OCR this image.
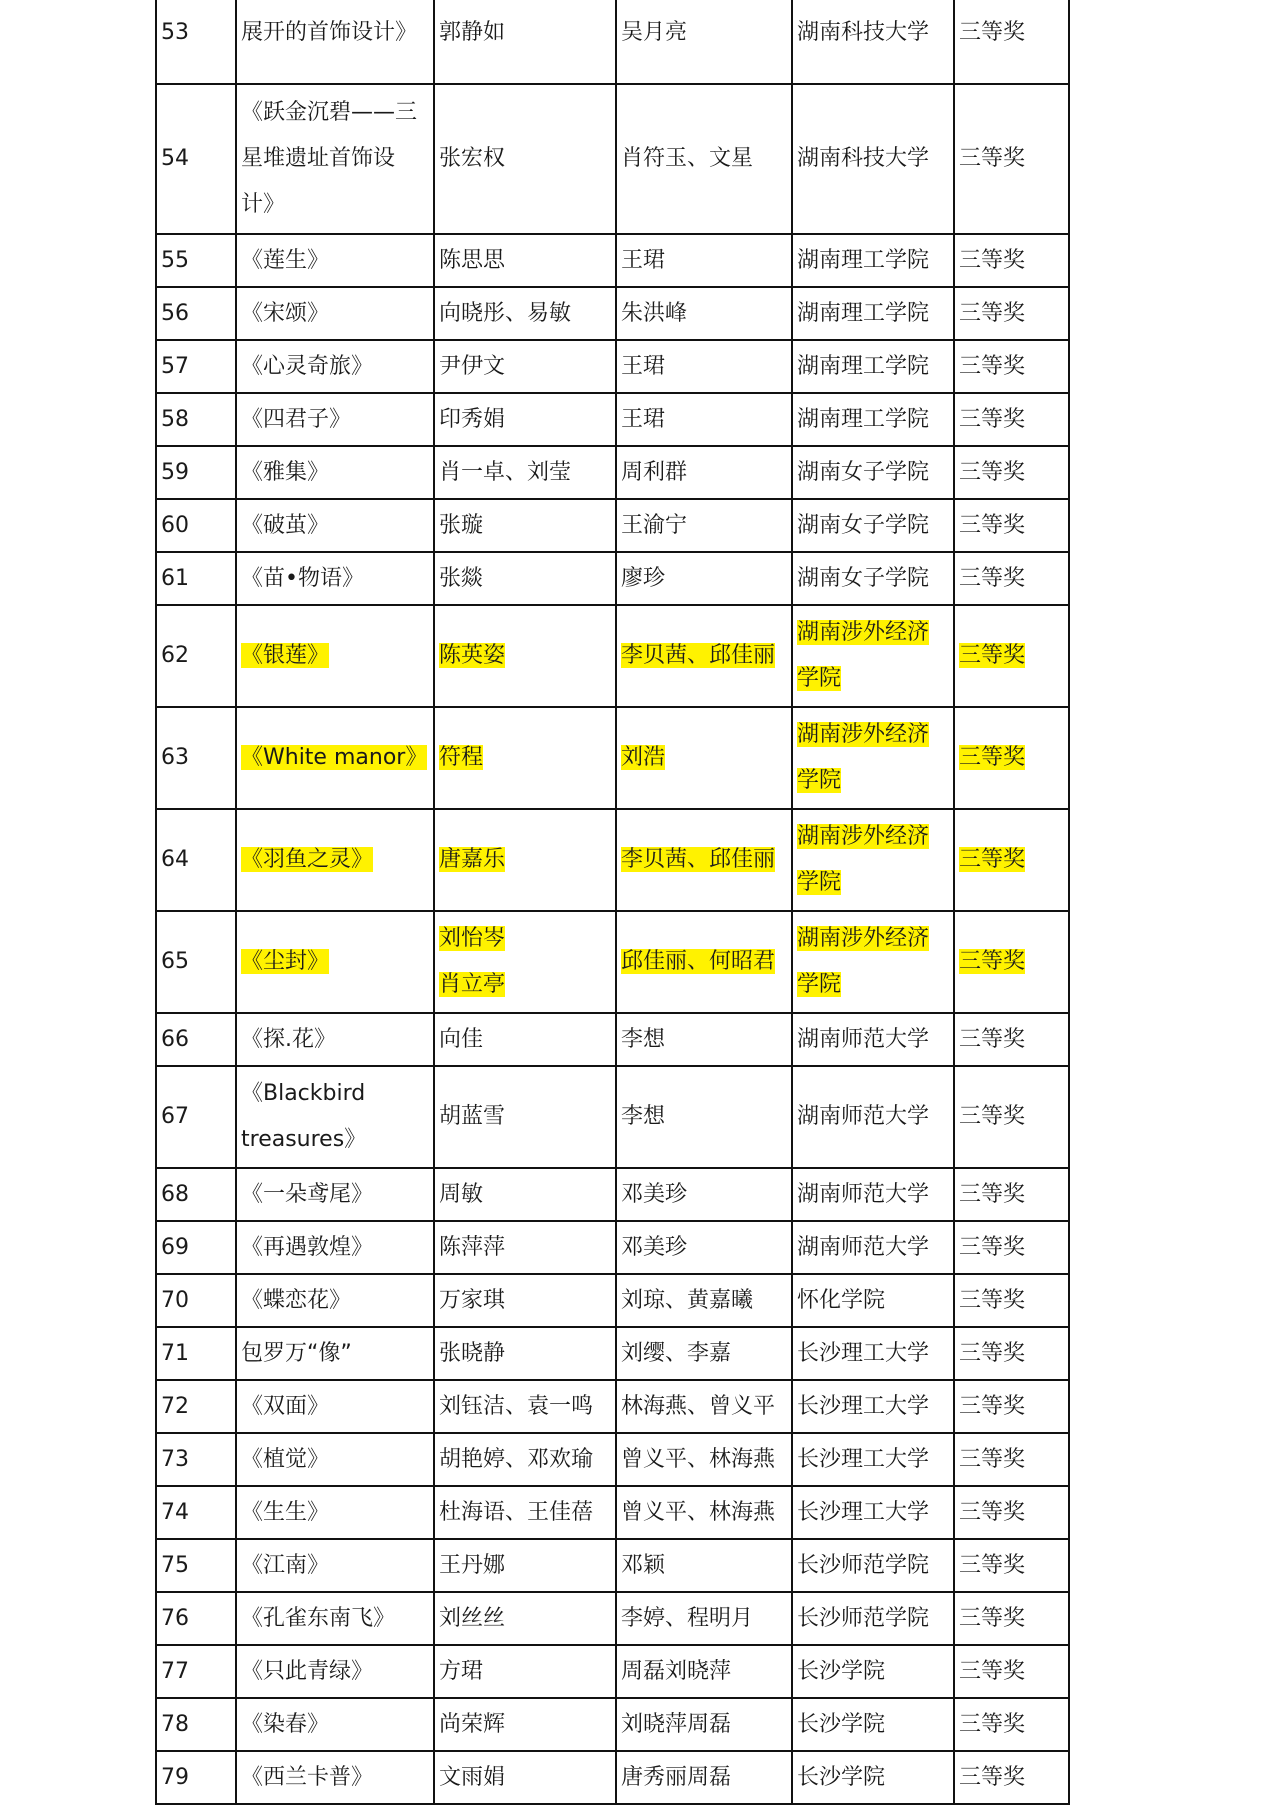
53	展开的首饰设计》	郭静如	吴月亮	湖南科技大学	三等奖
54	《跃金沉碧——三
星堆遗址首饰设
计》	张宏权	肖符玉、文星	湖南科技大学	三等奖
55	《莲生》	陈思思	王珺	湖南理工学院	三等奖
56	《宋颂》	向晓彤、易敏	朱洪峰	湖南理工学院	三等奖
57	《心灵奇旅》	尹伊文	王珺	湖南理工学院	三等奖
58	《四君子》	印秀娟	王珺	湖南理工学院	三等奖
59	《雅集》	肖一卓、刘莹	周利群	湖南女子学院	三等奖
60	《破茧》	张璇	王渝宁	湖南女子学院	三等奖
61	《苗•物语》	张燚	廖珍	湖南女子学院	三等奖
62	《银莲》	陈英姿	李贝茜、邱佳丽	湖南涉外经济
学院	三等奖
63	《White manor》	符程	刘浩	湖南涉外经济
学院	三等奖
64	《羽鱼之灵》	唐嘉乐	李贝茜、邱佳丽	湖南涉外经济
学院	三等奖
65	《尘封》	刘怡岑
肖立亭	邱佳丽、何昭君	湖南涉外经济
学院	三等奖
66	《探.花》	向佳	李想	湖南师范大学	三等奖
67	《Blackbird
treasures》	胡蓝雪	李想	湖南师范大学	三等奖
68	《一朵鸢尾》	周敏	邓美珍	湖南师范大学	三等奖
69	《再遇敦煌》	陈萍萍	邓美珍	湖南师范大学	三等奖
70	《蝶恋花》	万家琪	刘琼、黄嘉曦	怀化学院	三等奖
71	包罗万“像”	张晓静	刘缨、李嘉	长沙理工大学	三等奖
72	《双面》	刘钰洁、袁一鸣	林海燕、曾义平	长沙理工大学	三等奖
73	《植觉》	胡艳婷、邓欢瑜	曾义平、林海燕	长沙理工大学	三等奖
74	《生生》	杜海语、王佳蓓	曾义平、林海燕	长沙理工大学	三等奖
75	《江南》	王丹娜	邓颖	长沙师范学院	三等奖
76	《孔雀东南飞》	刘丝丝	李婷、程明月	长沙师范学院	三等奖
77	《只此青绿》	方珺	周磊刘晓萍	长沙学院	三等奖
78	《染春》	尚荣辉	刘晓萍周磊	长沙学院	三等奖
79	《西兰卡普》	文雨娟	唐秀丽周磊	长沙学院	三等奖
